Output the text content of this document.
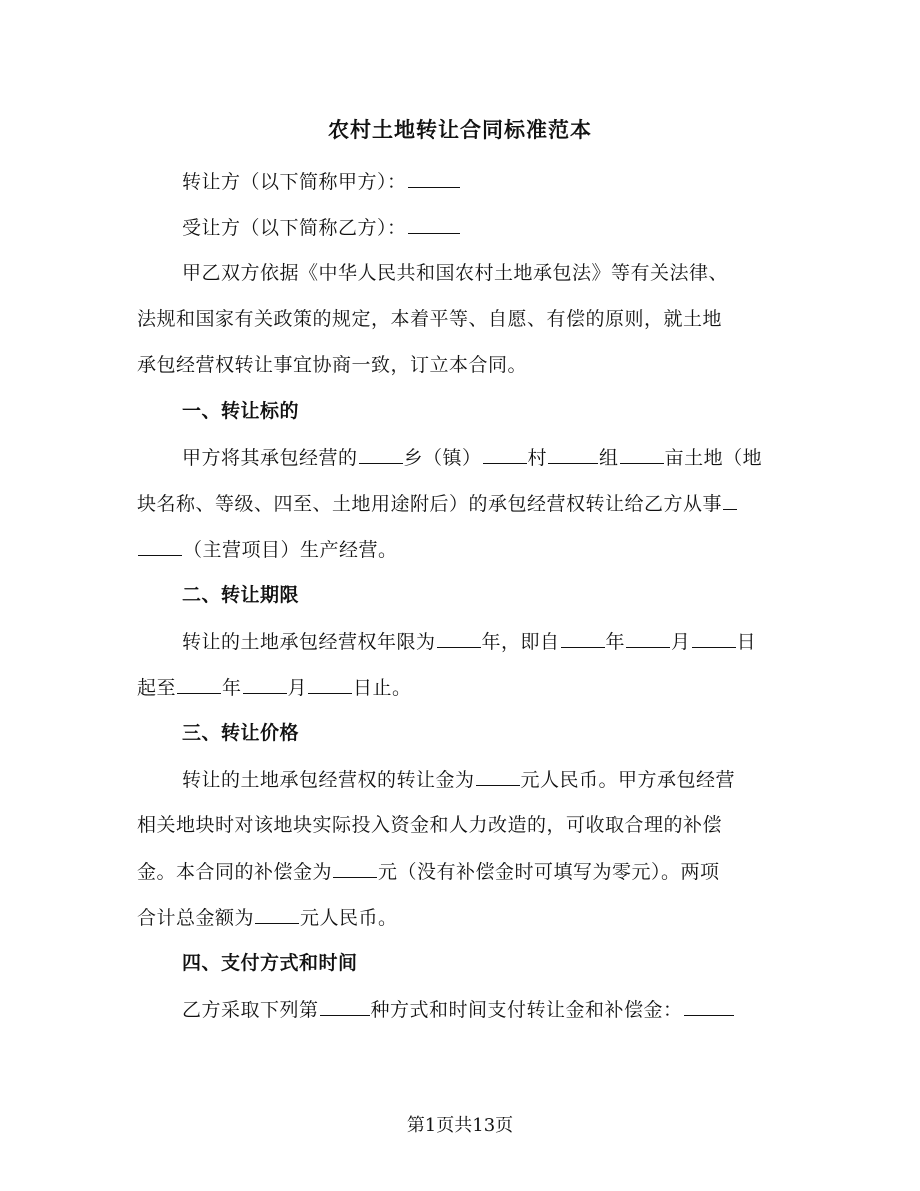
农村土地转让合同标准范本
转让方（以下简称甲方）：
受让方（以下简称乙方）：
甲乙双方依据《中华人民共和国农村土地承包法》等有关法律、
法规和国家有关政策的规定，本着平等、自愿、有偿的原则，就土地
承包经营权转让事宜协商一致，订立本合同。
一、转让标的
甲方将其承包经营的 乡（镇） 村	组 亩土地（地
块名称、等级、四至、土地用途附后）的承包经营权转让给乙方从事
（主营项目）生产经营。
二、转让期限
转让的土地承包经营权年限为 年，即自 年 月 日
起至 年 月 日止。
三、转让价格
转让的土地承包经营权的转让金为 元人民币。甲方承包经营
相关地块时对该地块实际投入资金和人力改造的，可收取合理的补偿
金。本合同的补偿金为 元（没有补偿金时可填写为零元）。两项
合计总金额为 元人民币。
四、支付方式和时间
乙方采取下列第	种方式和时间支付转让金和补偿金：
第1页共13页
